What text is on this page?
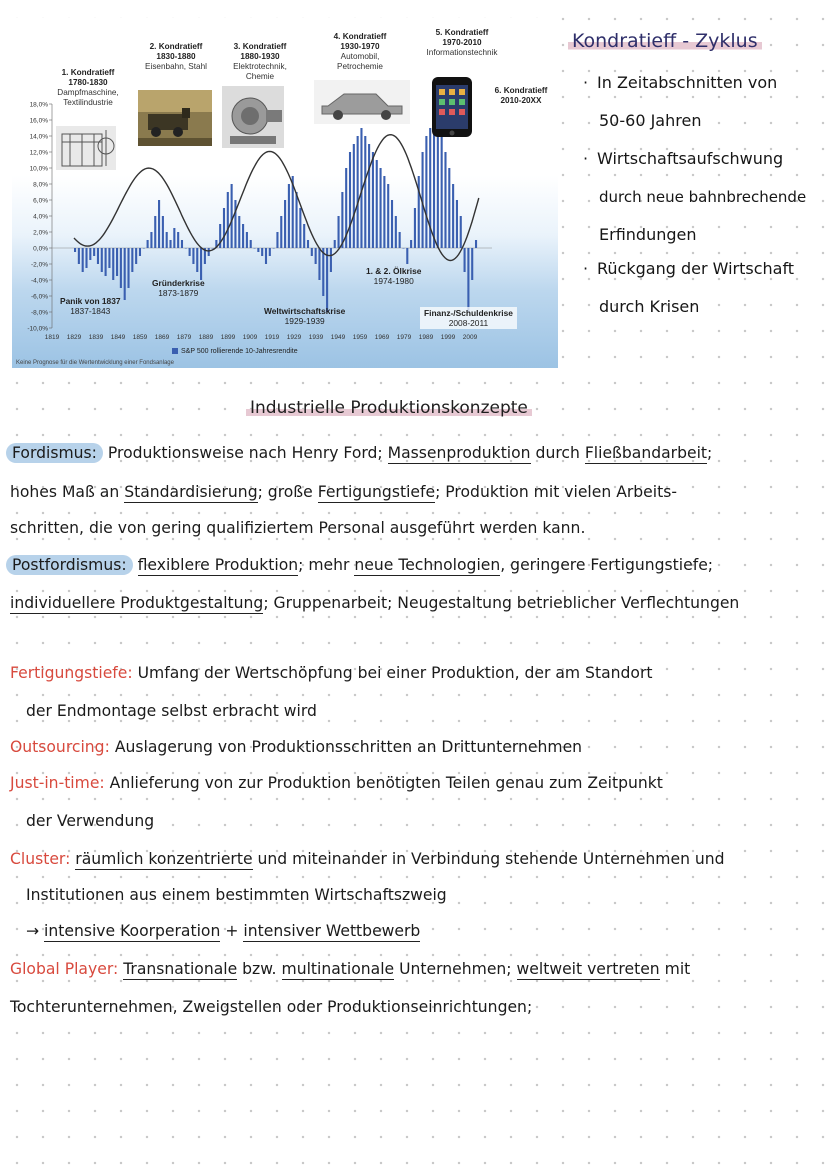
18,0%
16,0%
14,0%
12,0%
10,0%
8,0%
6,0%
4,0%
2,0%
0,0%
-2,0%
-4,0%
-6,0%
-8,0%
-10,0%
1819 1829 1839 1849 1859 1869 1879 1889 1899 1909 1919 1929 1939 1949 1959 1969 1979 1989 1999 2009
1. Kondratieff
1780-1830
Dampfmaschine, Textilindustrie
2. Kondratieff
1830-1880
Eisenbahn, Stahl
3. Kondratieff
1880-1930
Elektrotechnik, Chemie
4. Kondratieff
1930-1970
Automobil, Petrochemie
5. Kondratieff
1970-2010
Informationstechnik
6. Kondratieff
2010-20XX
Panik von 1837
1837-1843
Gründerkrise
1873-1879
Weltwirtschaftskrise
1929-1939
1. & 2. Ölkrise
1974-1980
Finanz-/Schuldenkrise
2008-2011
S&P 500 rollierende 10-Jahresrendite
Keine Prognose für die Wertentwicklung einer Fondsanlage
Kondratieff - Zyklus
· In Zeitabschnitten von
50-60 Jahren
· Wirtschaftsaufschwung
durch neue bahnbrechende
Erfindungen
· Rückgang der Wirtschaft
durch Krisen
Industrielle Produktionskonzepte
Fordismus: Produktionsweise nach Henry Ford; Massenproduktion durch Fließbandarbeit;
hohes Maß an Standardisierung; große Fertigungstiefe; Produktion mit vielen Arbeits-
schritten, die von gering qualifiziertem Personal ausgeführt werden kann.
Postfordismus: flexiblere Produktion; mehr neue Technologien, geringere Fertigungstiefe;
individuellere Produktgestaltung; Gruppenarbeit; Neugestaltung betrieblicher Verflechtungen
Fertigungstiefe: Umfang der Wertschöpfung bei einer Produktion, der am Standort
der Endmontage selbst erbracht wird
Outsourcing: Auslagerung von Produktionsschritten an Drittunternehmen
Just-in-time: Anlieferung von zur Produktion benötigten Teilen genau zum Zeitpunkt
der Verwendung
Cluster: räumlich konzentrierte und miteinander in Verbindung stehende Unternehmen und
Institutionen aus einem bestimmten Wirtschaftszweig
→ intensive Koorperation + intensiver Wettbewerb
Global Player: Transnationale bzw. multinationale Unternehmen; weltweit vertreten mit
Tochterunternehmen, Zweigstellen oder Produktionseinrichtungen;
